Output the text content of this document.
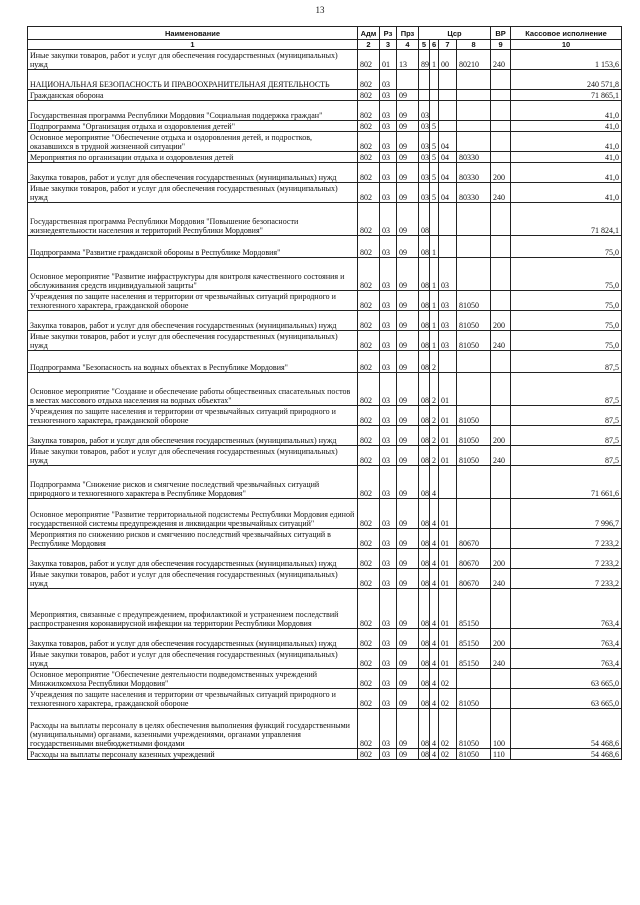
13
Наименование	Адм	Рз	Прз	Цср				ВР	Кассовое исполнение
1	2	3	4	5	6	7	8	9	10
Иные закупки товаров, работ и услуг для обеспечения государственных (муниципальных) нужд	802	01	13	89	1	00	80210	240	1 153,6
НАЦИОНАЛЬНАЯ БЕЗОПАСНОСТЬ И ПРАВООХРАНИТЕЛЬНАЯ ДЕЯТЕЛЬНОСТЬ	802	03							240 571,8
Гражданская оборона	802	03	09						71 865,1
Государственная программа Республики Мордовия "Социальная поддержка граждан"	802	03	09	03					41,0
Подпрограмма "Организация отдыха и оздоровления детей"	802	03	09	03	5				41,0
Основное мероприятие "Обеспечение отдыха и оздоровления детей, и подростков, оказавшихся в трудной жизненной ситуации"	802	03	09	03	5	04			41,0
Мероприятия по организации отдыха и оздоровления детей	802	03	09	03	5	04	80330		41,0
Закупка товаров, работ и услуг для обеспечения государственных (муниципальных) нужд	802	03	09	03	5	04	80330	200	41,0
Иные закупки товаров, работ и услуг для обеспечения государственных (муниципальных) нужд	802	03	09	03	5	04	80330	240	41,0
Государственная программа Республики Мордовия "Повышение безопасности жизнедеятельности населения и территорий Республики Мордовия"	802	03	09	08					71 824,1
Подпрограмма "Развитие гражданской обороны в Республике Мордовия"	802	03	09	08	1				75,0
Основное мероприятие "Развитие инфраструктуры для контроля качественного состояния и обслуживания средств индивидуальной защиты"	802	03	09	08	1	03			75,0
Учреждения по защите населения и территории от чрезвычайных ситуаций природного и техногенного характера, гражданской обороне	802	03	09	08	1	03	81050		75,0
Закупка товаров, работ и услуг для обеспечения государственных (муниципальных) нужд	802	03	09	08	1	03	81050	200	75,0
Иные закупки товаров, работ и услуг для обеспечения государственных (муниципальных) нужд	802	03	09	08	1	03	81050	240	75,0
Подпрограмма "Безопасность на водных объектах в Республике Мордовия"	802	03	09	08	2				87,5
Основное мероприятие "Создание и обеспечение работы общественных спасательных постов в местах массового отдыха населения на водных объектах"	802	03	09	08	2	01			87,5
Учреждения по защите населения и территории от чрезвычайных ситуаций природного и техногенного характера, гражданской обороне	802	03	09	08	2	01	81050		87,5
Закупка товаров, работ и услуг для обеспечения государственных (муниципальных) нужд	802	03	09	08	2	01	81050	200	87,5
Иные закупки товаров, работ и услуг для обеспечения государственных (муниципальных) нужд	802	03	09	08	2	01	81050	240	87,5
Подпрограмма "Снижение рисков и смягчение последствий чрезвычайных ситуаций природного и техногенного характера в Республике Мордовия"	802	03	09	08	4				71 661,6
Основное мероприятие "Развитие территориальной подсистемы Республики Мордовия единой государственной системы предупреждения и ликвидации чрезвычайных ситуаций"	802	03	09	08	4	01			7 996,7
Мероприятия по снижению рисков и смягчению последствий чрезвычайных ситуаций в Республике Мордовия	802	03	09	08	4	01	80670		7 233,2
Закупка товаров, работ и услуг для обеспечения государственных (муниципальных) нужд	802	03	09	08	4	01	80670	200	7 233,2
Иные закупки товаров, работ и услуг для обеспечения государственных (муниципальных) нужд	802	03	09	08	4	01	80670	240	7 233,2
Мероприятия, связанные с предупреждением, профилактикой и устранением последствий распространения коронавирусной инфекции на территории Республики Мордовия	802	03	09	08	4	01	85150		763,4
Закупка товаров, работ и услуг для обеспечения государственных (муниципальных) нужд	802	03	09	08	4	01	85150	200	763,4
Иные закупки товаров, работ и услуг для обеспечения государственных (муниципальных) нужд	802	03	09	08	4	01	85150	240	763,4
Основное мероприятие "Обеспечение деятельности подведомственных учреждений Минжилкомхоза Республики Мордовия"	802	03	09	08	4	02			63 665,0
Учреждения по защите населения и территории от чрезвычайных ситуаций природного и техногенного характера, гражданской обороне	802	03	09	08	4	02	81050		63 665,0
Расходы на выплаты персоналу в целях обеспечения выполнения функций государственными (муниципальными) органами, казенными учреждениями, органами управления государственными внебюджетными фондами	802	03	09	08	4	02	81050	100	54 468,6
Расходы на выплаты персоналу казенных учреждений	802	03	09	08	4	02	81050	110	54 468,6
